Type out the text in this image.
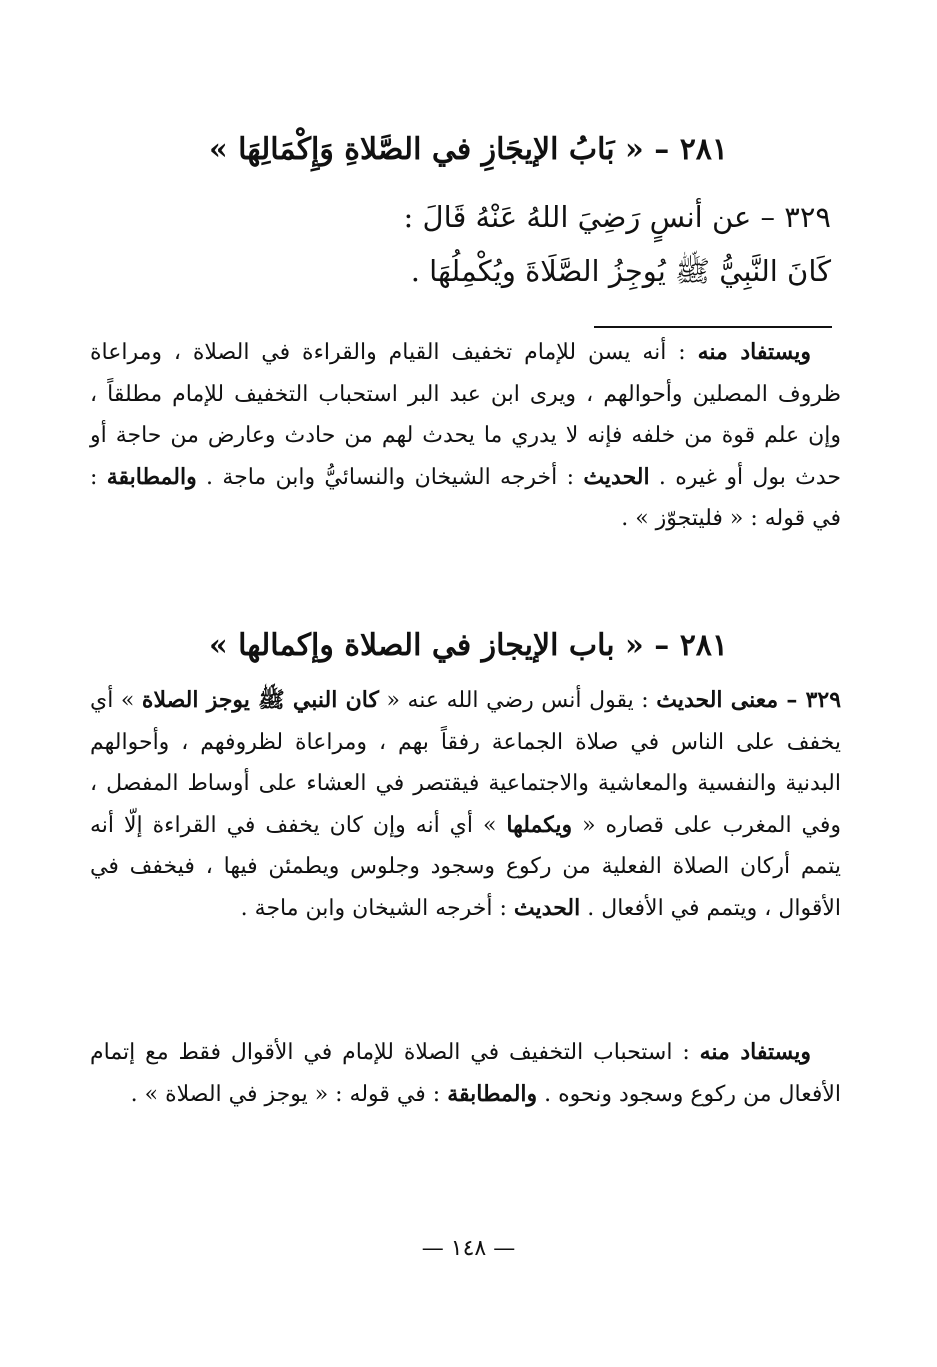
٢٨١ – « بَابُ الإيجَازِ في الصَّلاةِ وَإِكْمَالِهَا »
٣٢٩ – عن أنسٍ رَضِيَ اللهُ عَنْهُ قَالَ :
كَانَ النَّبِيُّ ﷺ يُوجِزُ الصَّلَاةَ ويُكْمِلُهَا .

ويستفاد منه : أنه يسن للإمام تخفيف القيام والقراءة في الصلاة ، ومراعاة ظروف المصلين وأحوالهم ، ويرى ابن عبد البر استحباب التخفيف للإمام مطلقاً ، وإن علم قوة من خلفه فإنه لا يدري ما يحدث لهم من حادث وعارض من حاجة أو حدث بول أو غيره . الحديث : أخرجه الشيخان والنسائيُّ وابن ماجة . والمطابقة : في قوله : « فليتجوّز » .

٢٨١ – « باب الإيجاز في الصلاة وإكمالها »

٣٢٩ – معنى الحديث : يقول أنس رضي الله عنه « كان النبي ﷺ يوجز الصلاة » أي يخفف على الناس في صلاة الجماعة رفقاً بهم ، ومراعاة لظروفهم ، وأحوالهم البدنية والنفسية والمعاشية والاجتماعية فيقتصر في العشاء على أوساط المفصل ، وفي المغرب على قصاره « ويكملها » أي أنه وإن كان يخفف في القراءة إلّا أنه يتمم أركان الصلاة الفعلية من ركوع وسجود وجلوس ويطمئن فيها ، فيخفف في الأقوال ، ويتمم في الأفعال . الحديث : أخرجه الشيخان وابن ماجة .

ويستفاد منه : استحباب التخفيف في الصلاة للإمام في الأقوال فقط مع إتمام الأفعال من ركوع وسجود ونحوه . والمطابقة : في قوله : « يوجز في الصلاة » .

— ١٤٨ —
